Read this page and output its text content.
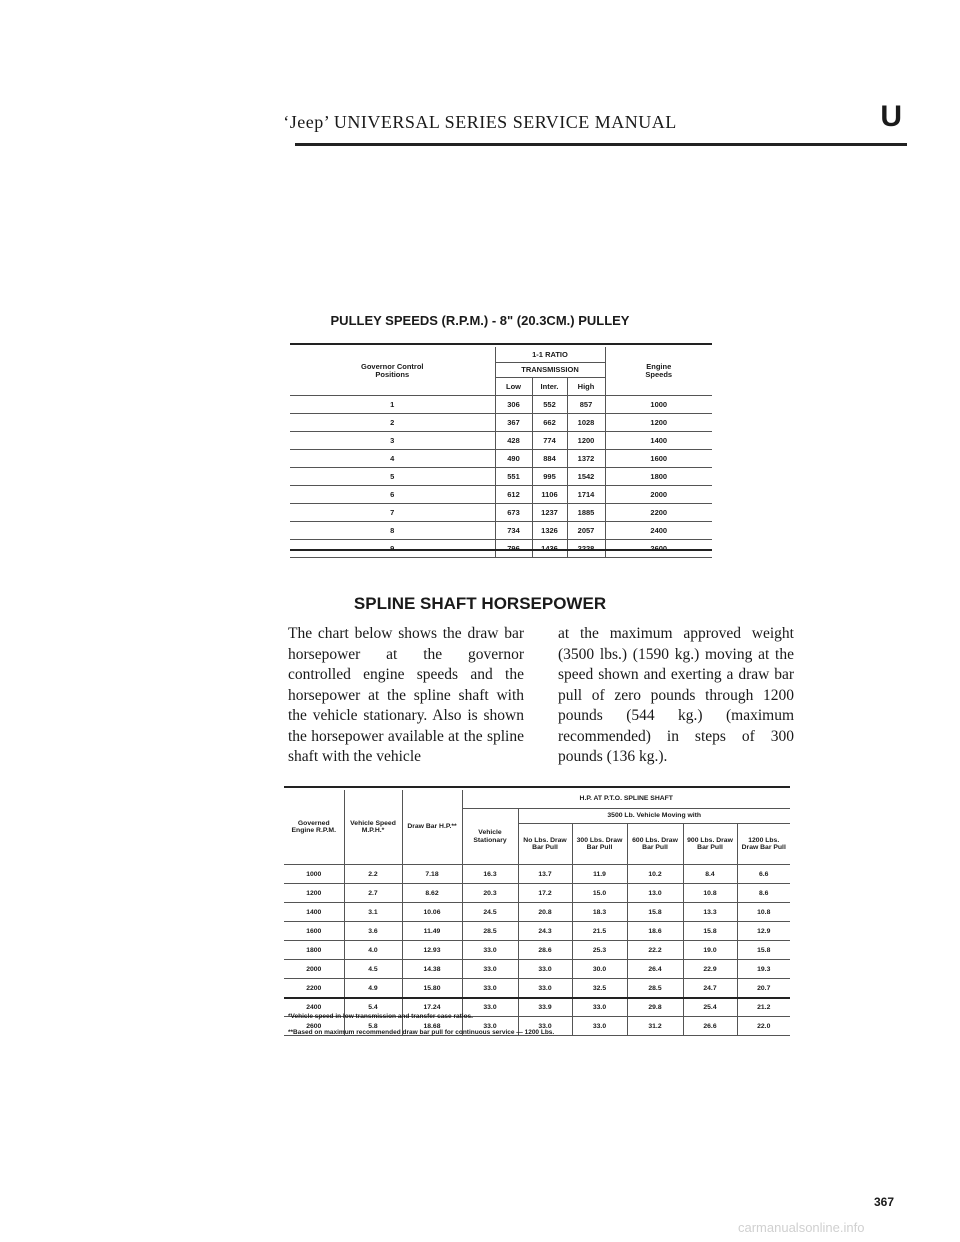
‘Jeep’ UNIVERSAL SERIES SERVICE MANUAL	U
PULLEY SPEEDS (R.P.M.) - 8" (20.3CM.) PULLEY
Governor Control Positions	1-1 RATIO			Engine Speeds
	TRANSMISSION			
	Low	Inter.	High	
1	306	552	857	1000
2	367	662	1028	1200
3	428	774	1200	1400
4	490	884	1372	1600
5	551	995	1542	1800
6	612	1106	1714	2000
7	673	1237	1885	2200
8	734	1326	2057	2400

SPLINE SHAFT HORSEPOWER
The chart below shows the draw bar horsepower at the governor controlled engine speeds and the horsepower at the spline shaft with the vehicle stationary. Also is shown the horsepower available at the spline shaft with the vehicle
at the maximum approved weight (3500 lbs.) (1590 kg.) moving at the speed shown and exerting a draw bar pull of zero pounds through 1200 pounds (544 kg.) (maximum recommended) in steps of 300 pounds (136 kg.).
Governed Engine R.P.M.	Vehicle Speed M.P.H.*	Draw Bar H.P.**	H.P. AT P.T.O. SPLINE SHAFT					
			Vehicle Stationary	3500 Lb. Vehicle Moving with				
				No Lbs. Draw Bar Pull	300 Lbs. Draw Bar Pull	600 Lbs. Draw Bar Pull	900 Lbs. Draw Bar Pull	1200 Lbs. Draw Bar Pull
1000	2.2	7.18	16.3	13.7	11.9	10.2	8.4	6.6
1200	2.7	8.62	20.3	17.2	15.0	13.0	10.8	8.6
1400	3.1	10.06	24.5	20.8	18.3	15.8	13.3	10.8
1600	3.6	11.49	28.5	24.3	21.5	18.6	15.8	12.9
1800	4.0	12.93	33.0	28.6	25.3	22.2	19.0	15.8
2000	4.5	14.38	33.0	33.0	30.0	26.4	22.9	19.3
2200	4.9	15.80	33.0	33.0	32.5	28.5	24.7	20.7
2400	5.4	17.24	33.0	33.9	33.0	29.8	25.4	21.2
2600	5.8	18.68	33.0	33.0	33.0	31.2	26.6	22.0
*Vehicle speed in low transmission and transfer case ratios.
**Based on maximum recommended draw bar pull for continuous service — 1200 Lbs.
367
carmanualsonline.info
